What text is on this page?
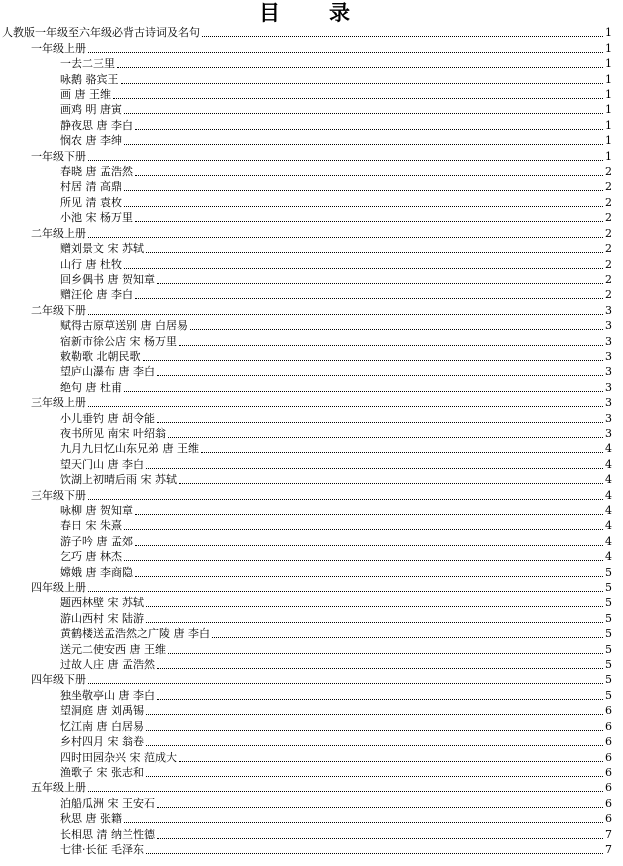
目　录
人教版一年级至六年级必背古诗词及名句	1
一年级上册	1
一去二三里	1
咏鹅 骆宾王	1
画 唐 王维	1
画鸡 明 唐寅	1
静夜思 唐 李白	1
悯农 唐 李绅	1
一年级下册	1
春晓 唐 孟浩然	2
村居 清 高鼎	2
所见 清 袁枚	2
小池 宋 杨万里	2
二年级上册	2
赠刘景文 宋 苏轼	2
山行 唐 杜牧	2
回乡偶书 唐 贺知章	2
赠汪伦 唐 李白	2
二年级下册	3
赋得古原草送别 唐 白居易	3
宿新市徐公店 宋 杨万里	3
敕勒歌 北朝民歌	3
望庐山瀑布 唐 李白	3
绝句 唐 杜甫	3
三年级上册	3
小儿垂钓 唐 胡令能	3
夜书所见 南宋 叶绍翁	3
九月九日忆山东兄弟 唐 王维	4
望天门山 唐 李白	4
饮湖上初晴后雨 宋 苏轼	4
三年级下册	4
咏柳 唐 贺知章	4
春日 宋 朱熹	4
游子吟 唐 孟郊	4
乞巧 唐 林杰	4
嫦娥 唐 李商隐	5
四年级上册	5
题西林壁 宋 苏轼	5
游山西村 宋 陆游	5
黄鹤楼送孟浩然之广陵 唐 李白	5
送元二使安西 唐 王维	5
过故人庄 唐 孟浩然	5
四年级下册	5
独坐敬亭山 唐 李白	5
望洞庭 唐 刘禹锡	6
忆江南 唐 白居易	6
乡村四月 宋 翁卷	6
四时田园杂兴 宋 范成大	6
渔歌子 宋 张志和	6
五年级上册	6
泊船瓜洲 宋 王安石	6
秋思 唐 张籍	6
长相思 清 纳兰性德	7
七律·长征 毛泽东	7
